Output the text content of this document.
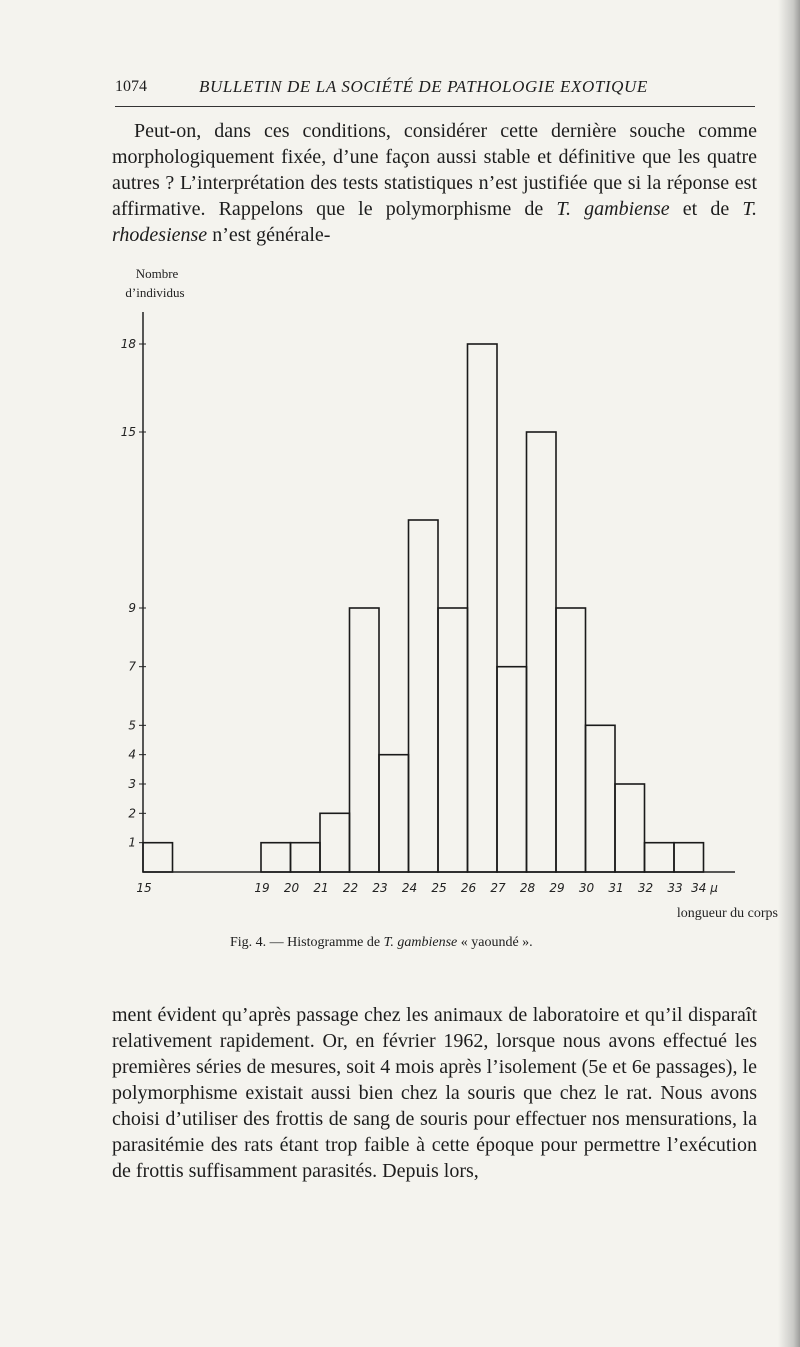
1074	BULLETIN DE LA SOCIÉTÉ DE PATHOLOGIE EXOTIQUE

Peut-on, dans ces conditions, considérer cette dernière souche comme morphologiquement fixée, d’une façon aussi stable et définitive que les quatre autres ? L’interprétation des tests statistiques n’est justifiée que si la réponse est affirmative. Rappelons que le polymorphisme de T. gambiense et de T. rhodesiense n’est générale-

Nombre
d’individus
1
2
3
4
5
7
9
15
18
15	19 20 21 22 23 24 25 26 27 28 29 30 31 32 33 34 µ
longueur du corps
Fig. 4. — Histogramme de T. gambiense « yaoundé ».

ment évident qu’après passage chez les animaux de laboratoire et qu’il disparaît relativement rapidement. Or, en février 1962, lorsque nous avons effectué les premières séries de mesures, soit 4 mois après l’isolement (5e et 6e passages), le polymorphisme existait aussi bien chez la souris que chez le rat. Nous avons choisi d’utiliser des frottis de sang de souris pour effectuer nos mensurations, la parasitémie des rats étant trop faible à cette époque pour permettre l’exécution de frottis suffisamment parasités. Depuis lors,
